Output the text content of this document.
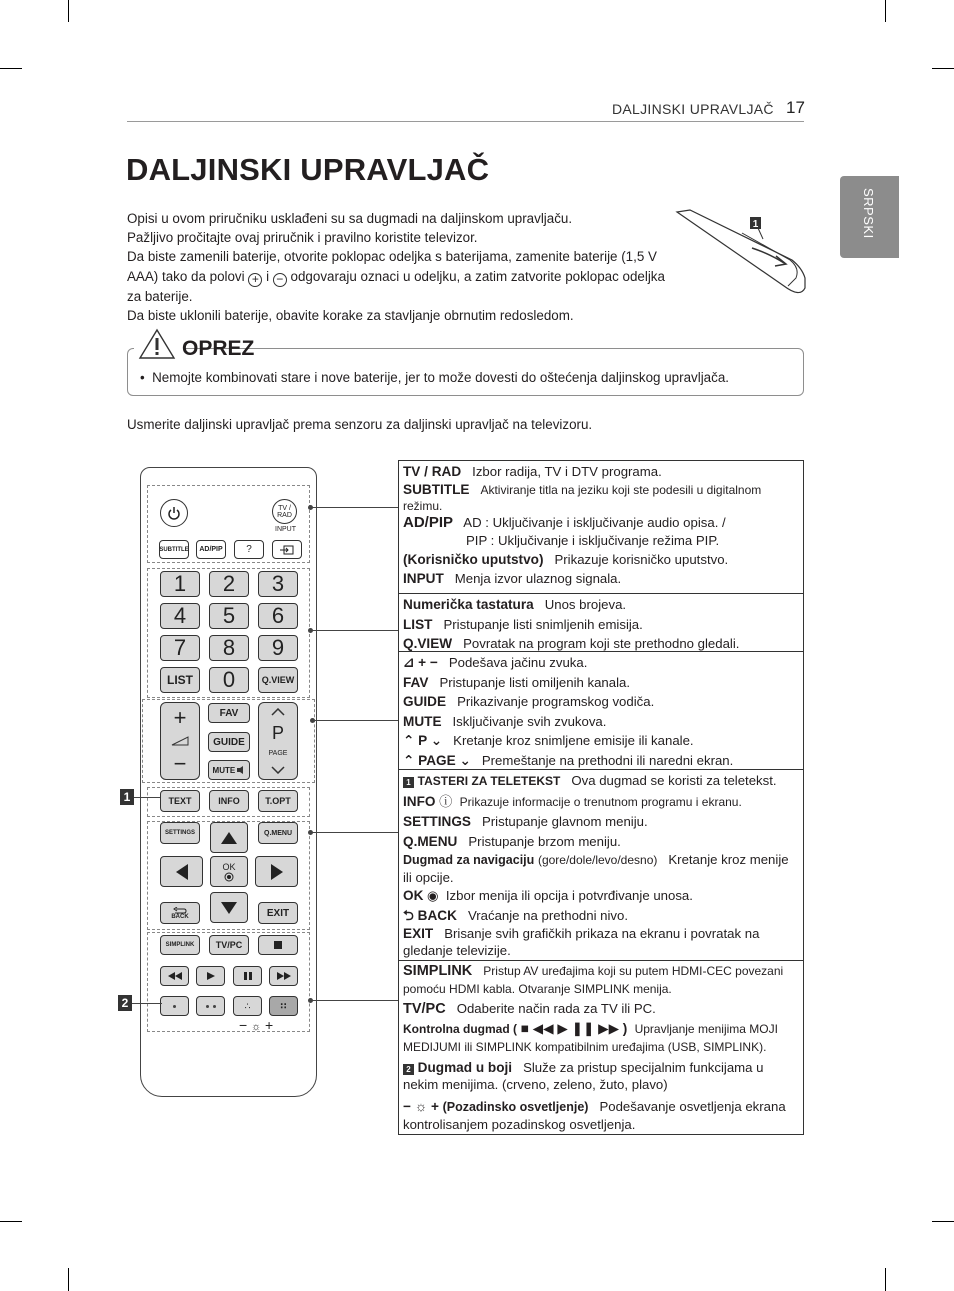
DALJINSKI UPRAVLJAČ 17
SRPSKI
DALJINSKI UPRAVLJAČ

Opisi u ovom priručniku usklađeni su sa dugmadi na daljinskom upravljaču.

Pažljivo pročitajte ovaj priručnik i pravilno koristite televizor.

Da biste zamenili baterije, otvorite poklopac odeljka s baterijama, zamenite baterije (1,5 V AAA) tako da polovi + i − odgovaraju oznaci u odeljku, a zatim zatvorite poklopac odeljka za baterije.

Da biste uklonili baterije, obavite korake za stavljanje obrnutim redosledom.

1
OPREZ
•  Nemojte kombinovati stare i nove baterije, jer to može dovesti do oštećenja daljinskog upravljača.
Usmerite daljinski upravljač prema senzoru za daljinski upravljač na televizoru.
TV / RAD
INPUT
SUBTITLE	AD/PIP	?
1	2	3
4	5	6
7	8	9
LIST	0	Q.VIEW
+
−
FAV
GUIDE
MUTE

P
PAGE
TEXT	INFO	T.OPT
SETTINGS	Q.MENU
OK
BACK	EXIT
SIMPLINK	TV/PC
∴	∷
− ☼ +
1
2
TV / RAD Izbor radija, TV i DTV programa.
SUBTITLE Aktiviranje titla na jeziku koji ste podesili u digitalnom režimu.
AD/PIP AD : Uključivanje i isključivanje audio opisa. /
PIP : Uključivanje i isključivanje režima PIP.
(Korisničko uputstvo) Prikazuje korisničko uputstvo.
INPUT Menja izvor ulaznog signala.
Numerička tastatura Unos brojeva.
LIST Pristupanje listi snimljenih emisija.
Q.VIEW Povratak na program koji ste prethodno gledali.
⊿ + − Podešava jačinu zvuka.
FAV Pristupanje listi omiljenih kanala.
GUIDE Prikazivanje programskog vodiča.
MUTE Isključivanje svih zvukova.
⌃ P ⌄ Kretanje kroz snimljene emisije ili kanale.
⌃ PAGE ⌄ Premeštanje na prethodni ili naredni ekran.
1 TASTERI ZA TELETEKST Ova dugmad se koristi za teletekst.
INFO ⓘ  Prikazuje informacije o trenutnom programu i ekranu.
SETTINGS Pristupanje glavnom meniju.
Q.MENU Pristupanje brzom meniju.
Dugmad za navigaciju (gore/dole/levo/desno) Kretanje kroz menije ili opcije.
OK ◉  Izbor menija ili opcija i potvrđivanje unosa.
⮌ BACK Vraćanje na prethodni nivo.
EXIT Brisanje svih grafičkih prikaza na ekranu i povratak na gledanje televizije.
SIMPLINK Pristup AV uređajima koji su putem HDMI-CEC povezani pomoću HDMI kabla. Otvaranje SIMPLINK menija.
TV/PC Odaberite način rada za TV ili PC.
Kontrolna dugmad ( ■ ◀◀ ▶ ❚❚ ▶▶ ) Upravljanje menijima MOJI MEDIJUMI ili SIMPLINK kompatibilnim uređajima (USB, SIMPLINK).
2 Dugmad u boji Služe za pristup specijalnim funkcijama u nekim menijima. (crveno, zeleno, žuto, plavo)
− ☼ + (Pozadinsko osvetljenje) Podešavanje osvetljenja ekrana kontrolisanjem pozadinskog osvetljenja.
